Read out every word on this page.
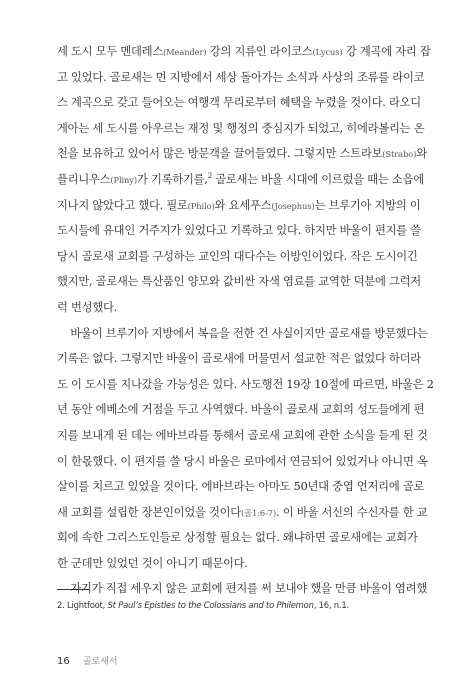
세 도시 모두 멘데레스(Meander) 강의 지류인 라이코스(Lycus) 강 계곡에 자리 잡
고 있었다. 골로새는 먼 지방에서 세상 돌아가는 소식과 사상의 조류를 라이코
스 계곡으로 갖고 들어오는 여행객 무리로부터 혜택을 누렸을 것이다. 라오디
게아는 세 도시를 아우르는 재정 및 행정의 중심지가 되었고, 히에라볼리는 온
천을 보유하고 있어서 많은 방문객을 끌어들였다. 그렇지만 스트라보(Strabo)와
플리니우스(Pliny)가 기록하기를,$^2$ 골로새는 바울 시대에 이르렀을 때는 소읍에
지나지 않았다고 했다. 필로(Philo)와 요세푸스(Josephus)는 브루기아 지방의 이
도시들에 유대인 거주지가 있었다고 기록하고 있다. 하지만 바울이 편지를 쓸
당시 골로새 교회를 구성하는 교인의 대다수는 이방인이었다. 작은 도시이긴
했지만, 골로새는 특산품인 양모와 값비싼 자색 염료를 교역한 덕분에 그럭저
럭 번성했다.
바울이 브루기아 지방에서 복음을 전한 건 사실이지만 골로새를 방문했다는
기록은 없다. 그렇지만 바울이 골로새에 머물면서 설교한 적은 없었다 하더라
도 이 도시를 지나갔을 가능성은 있다. 사도행전 19장 10절에 따르면, 바울은 2
년 동안 에베소에 거점을 두고 사역했다. 바울이 골로새 교회의 성도들에게 편
지를 보내게 된 데는 에바브라를 통해서 골로새 교회에 관한 소식을 듣게 된 것
이 한몫했다. 이 편지를 쓸 당시 바울은 로마에서 연금되어 있었거나 아니면 옥
살이를 치르고 있었을 것이다. 에바브라는 아마도 50년대 중엽 언저리에 골로
새 교회를 설립한 장본인이었을 것이다(골1:6-7). 이 바울 서신의 수신자를 한 교
회에 속한 그리스도인들로 상정할 필요는 없다. 왜냐하면 골로새에는 교회가
한 군데만 있었던 것이 아니기 때문이다.
자기가 직접 세우지 않은 교회에 편지를 써 보내야 했을 만큼 바울이 염려했
2. Lightfoot, St Paul’s Epistles to the Colossians and to Philemon, 16, n.1.
16 골로새서
